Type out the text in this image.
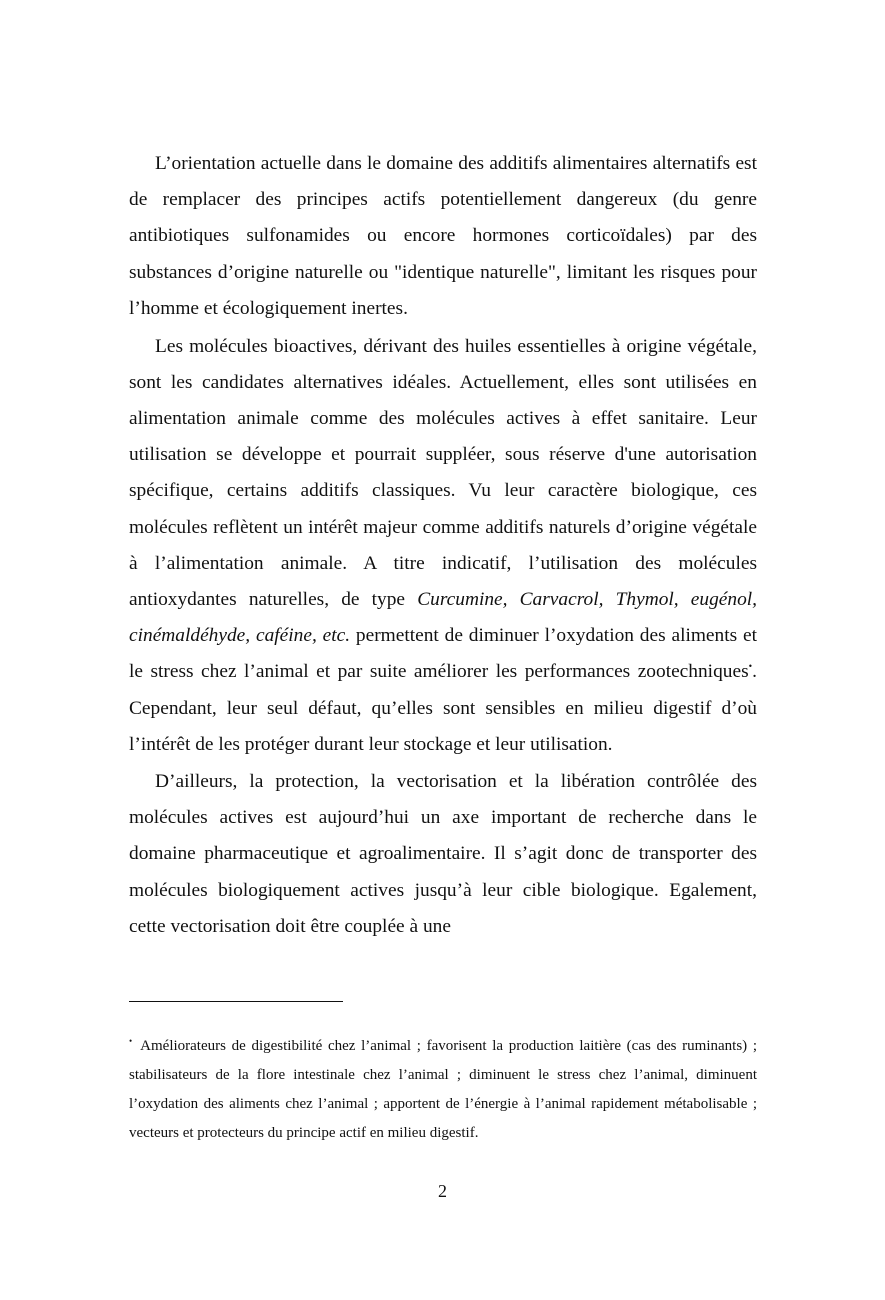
L’orientation actuelle dans le domaine des additifs alimentaires alternatifs est de remplacer des principes actifs potentiellement dangereux (du genre antibiotiques sulfonamides ou encore hormones corticoïdales) par des substances d’origine naturelle ou "identique naturelle", limitant les risques pour l’homme et écologiquement inertes.

Les molécules bioactives, dérivant des huiles essentielles à origine végétale, sont les candidates alternatives idéales. Actuellement, elles sont utilisées en alimentation animale comme des molécules actives à effet sanitaire. Leur utilisation se développe et pourrait suppléer, sous réserve d'une autorisation spécifique, certains additifs classiques. Vu leur caractère biologique, ces molécules reflètent un intérêt majeur comme additifs naturels d’origine végétale à l’alimentation animale. A titre indicatif, l’utilisation des molécules antioxydantes naturelles, de type Curcumine, Carvacrol, Thymol, eugénol, cinémaldéhyde, caféine, etc. permettent de diminuer l’oxydation des aliments et le stress chez l’animal et par suite améliorer les performances zootechniques•. Cependant, leur seul défaut, qu’elles sont sensibles en milieu digestif d’où l’intérêt de les protéger durant leur stockage et leur utilisation.

D’ailleurs, la protection, la vectorisation et la libération contrôlée des molécules actives est aujourd’hui un axe important de recherche dans le domaine pharmaceutique et agroalimentaire. Il s’agit donc de transporter des molécules biologiquement actives jusqu’à leur cible biologique. Egalement, cette vectorisation doit être couplée à une

• Améliorateurs de digestibilité chez l’animal ; favorisent la production laitière (cas des ruminants) ; stabilisateurs de la flore intestinale chez l’animal ; diminuent le stress chez l’animal, diminuent l’oxydation des aliments chez l’animal ; apportent de l’énergie à l’animal rapidement métabolisable ; vecteurs et protecteurs du principe actif en milieu digestif.

2
